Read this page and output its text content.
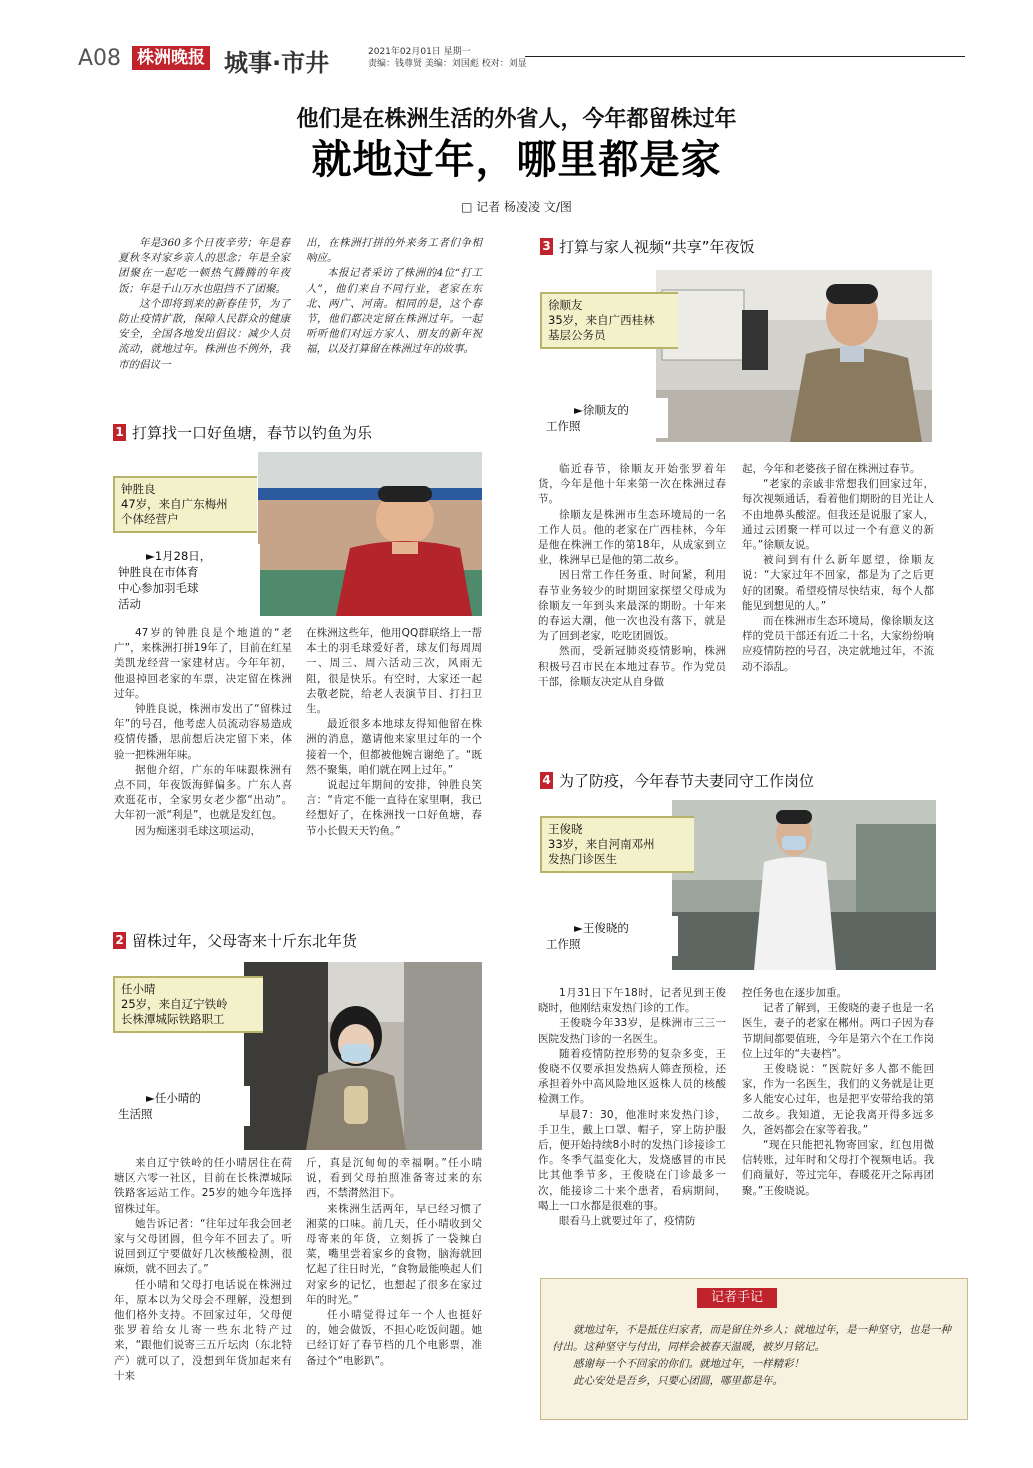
A08 株洲晚报 城事·市井	2021年02月01日 星期一
责编：钱尊贤 美编：刘国彪 校对：刘显
他们是在株洲生活的外省人，今年都留株过年
就地过年，哪里都是家
□ 记者 杨凌凌 文/图

年是360多个日夜辛劳；年是春夏秋冬对家乡亲人的思念；年是全家团聚在一起吃一顿热气腾腾的年夜饭；年是千山万水也阻挡不了团聚。

这个即将到来的新春佳节，为了防止疫情扩散，保障人民群众的健康安全，全国各地发出倡议：减少人员流动，就地过年。株洲也不例外，我市的倡议一

出，在株洲打拼的外来务工者们争相响应。

本报记者采访了株洲的4位“打工人”，他们来自不同行业，老家在东北、两广、河南。相同的是，这个春节，他们都决定留在株洲过年。一起听听他们对远方家人、朋友的新年祝福，以及打算留在株洲过年的故事。

1 打算找一口好鱼塘，春节以钓鱼为乐
钟胜良
47岁，来自广东梅州
个体经营户
►1月28日，
钟胜良在市体育
中心参加羽毛球
活动

47岁的钟胜良是个地道的“老广”，来株洲打拼19年了，目前在红星美凯龙经营一家建材店。今年年初，他退掉回老家的车票，决定留在株洲过年。

钟胜良说，株洲市发出了“留株过年”的号召，他考虑人员流动容易造成疫情传播，思前想后决定留下来，体验一把株洲年味。

据他介绍，广东的年味跟株洲有点不同，年夜饭海鲜偏多。广东人喜欢逛花市，全家男女老少都“出动”。大年初一派“利是”，也就是发红包。

因为痴迷羽毛球这项运动，

在株洲这些年，他用QQ群联络上一帮本土的羽毛球爱好者，球友们每周周一、周三、周六活动三次，风雨无阻，很是快乐。有空时，大家还一起去敬老院，给老人表演节目、打扫卫生。

最近很多本地球友得知他留在株洲的消息，邀请他来家里过年的一个接着一个，但都被他婉言谢绝了。“既然不聚集，咱们就在网上过年。”

说起过年期间的安排，钟胜良笑言：“肯定不能一直待在家里啊，我已经想好了，在株洲找一口好鱼塘，春节小长假天天钓鱼。”

2 留株过年，父母寄来十斤东北年货
任小晴
25岁，来自辽宁铁岭
长株潭城际铁路职工
►任小晴的
生活照

来自辽宁铁岭的任小晴居住在荷塘区六零一社区，目前在长株潭城际铁路客运站工作。25岁的她今年选择留株过年。

她告诉记者：“往年过年我会回老家与父母团圆，但今年不回去了。听说回到辽宁要做好几次核酸检测，很麻烦，就不回去了。”

任小晴和父母打电话说在株洲过年，原本以为父母会不理解，没想到他们格外支持。不回家过年，父母便张罗着给女儿寄一些东北特产过来，“跟他们说寄三五斤坛肉（东北特产）就可以了，没想到年货加起来有十来

斤，真是沉甸甸的幸福啊。”任小晴说，看到父母拍照准备寄过来的东西，不禁潸然泪下。

来株洲生活两年，早已经习惯了湘菜的口味。前几天，任小晴收到父母寄来的年货，立刻拆了一袋辣白菜，嘴里尝着家乡的食物，脑海就回忆起了往日时光，“食物最能唤起人们对家乡的记忆，也想起了很多在家过年的时光。”

任小晴觉得过年一个人也挺好的，她会做饭，不担心吃饭问题。她已经订好了春节档的几个电影票，准备过个“电影趴”。

3 打算与家人视频“共享”年夜饭
徐顺友
35岁，来自广西桂林
基层公务员
►徐顺友的
工作照

临近春节，徐顺友开始张罗着年货，今年是他十年来第一次在株洲过春节。

徐顺友是株洲市生态环境局的一名工作人员。他的老家在广西桂林，今年是他在株洲工作的第18年，从成家到立业，株洲早已是他的第二故乡。

因日常工作任务重、时间紧，利用春节业务较少的时期回家探望父母成为徐顺友一年到头来最深的期盼。十年来的春运大潮，他一次也没有落下，就是为了回到老家，吃吃团圆饭。

然而，受新冠肺炎疫情影响，株洲积极号召市民在本地过春节。作为党员干部，徐顺友决定从自身做

起，今年和老婆孩子留在株洲过春节。

“老家的亲戚非常想我们回家过年，每次视频通话，看着他们期盼的目光让人不由地鼻头酸涩。但我还是说服了家人，通过云团聚一样可以过一个有意义的新年。”徐顺友说。

被问到有什么新年愿望，徐顺友说：“大家过年不回家，都是为了之后更好的团聚。希望疫情尽快结束，每个人都能见到想见的人。”

而在株洲市生态环境局，像徐顺友这样的党员干部还有近二十名，大家纷纷响应疫情防控的号召，决定就地过年，不流动不添乱。

4 为了防疫，今年春节夫妻同守工作岗位
王俊晓
33岁，来自河南邓州
发热门诊医生
►王俊晓的
工作照

1月31日下午18时，记者见到王俊晓时，他刚结束发热门诊的工作。

王俊晓今年33岁，是株洲市三三一医院发热门诊的一名医生。

随着疫情防控形势的复杂多变，王俊晓不仅要承担发热病人筛查预检，还承担着外中高风险地区返株人员的核酸检测工作。

早晨7：30，他准时来发热门诊，手卫生，戴上口罩、帽子，穿上防护服后，便开始持续8小时的发热门诊接诊工作。冬季气温变化大，发烧感冒的市民比其他季节多，王俊晓在门诊最多一次，能接诊二十来个患者，看病期间，喝上一口水都是很难的事。

眼看马上就要过年了，疫情防

控任务也在逐步加重。

记者了解到，王俊晓的妻子也是一名医生，妻子的老家在郴州。两口子因为春节期间都要值班，今年是第六个在工作岗位上过年的“夫妻档”。

王俊晓说：“医院好多人都不能回家，作为一名医生，我们的义务就是让更多人能安心过年，也是把平安带给我的第二故乡。我知道，无论我离开得多远多久，爸妈都会在家等着我。”

“现在只能把礼物寄回家，红包用微信转账，过年时和父母打个视频电话。我们商量好，等过完年，春暖花开之际再团聚。”王俊晓说。

记者手记

就地过年，不是抵住归家者，而是留住外乡人；就地过年，是一种坚守，也是一种付出。这种坚守与付出，同样会被春天温暖，被岁月铭记。

感谢每一个不回家的你们。就地过年，一样精彩！

此心安处是吾乡，只要心团圆，哪里都是年。
